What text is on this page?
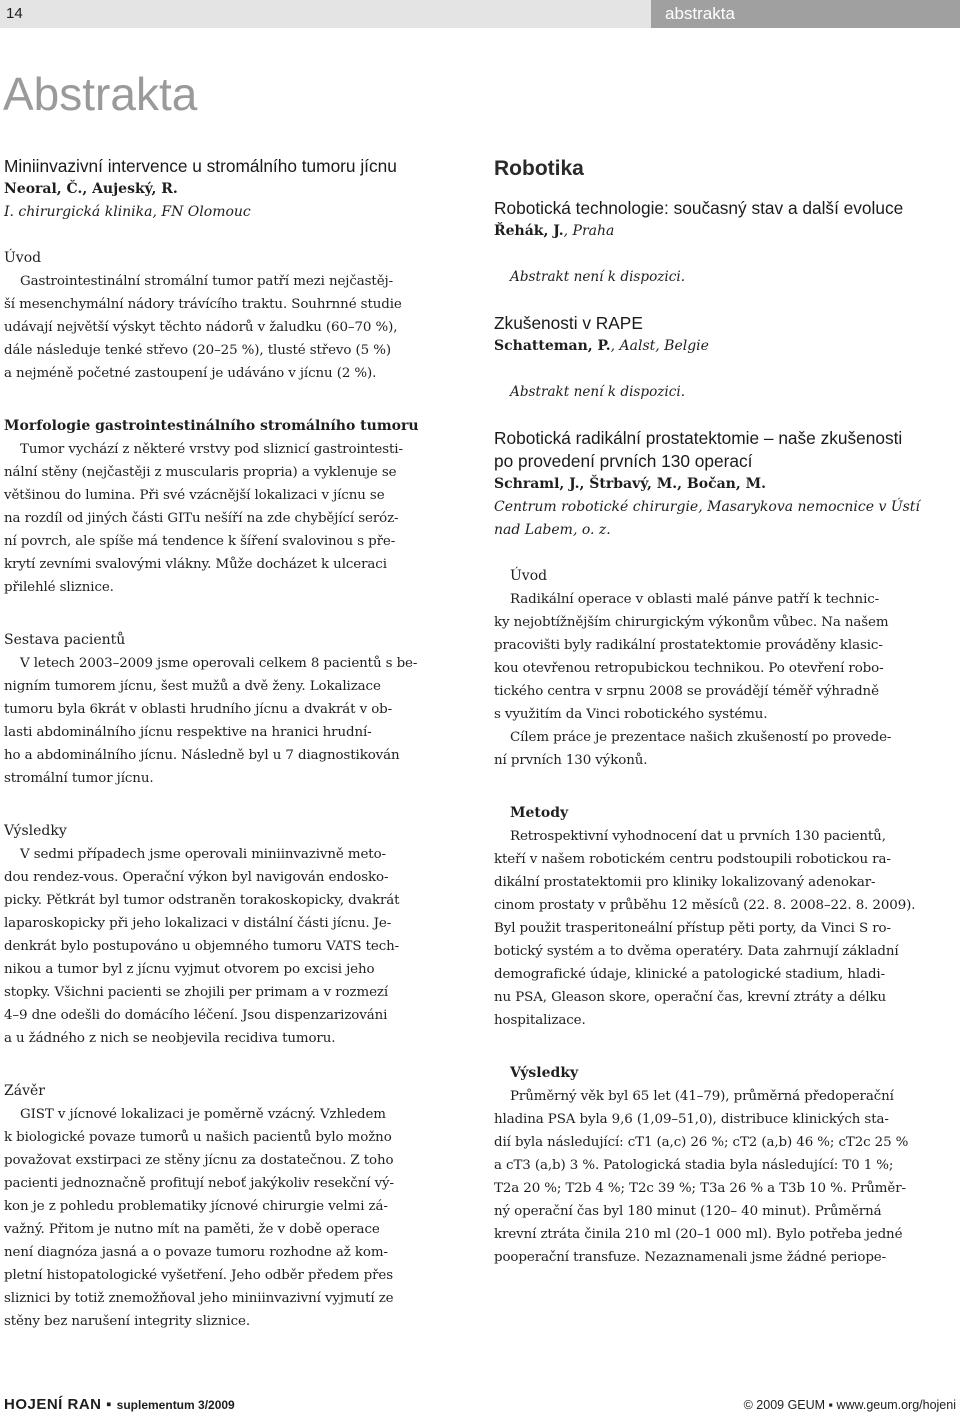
14	abstrakta
Abstrakta

Miniinvazivní intervence u stromálního tumoru jícnu

Neoral, Č., Aujeský, R.

I. chirurgická klinika, FN Olomouc

Úvod

Gastrointestinální stromální tumor patří mezi nejčastěj-

ší mesenchymální nádory trávícího traktu. Souhrnné studie

udávají největší výskyt těchto nádorů v žaludku (60–70 %),

dále následuje tenké střevo (20–25 %), tlusté střevo (5 %)

a nejméně početné zastoupení je udáváno v jícnu (2 %).

Morfologie gastrointestinálního stromálního tumoru

Tumor vychází z některé vrstvy pod sliznicí gastrointesti-

nální stěny (nejčastěji z muscularis propria) a vyklenuje se

většinou do lumina. Při své vzácnější lokalizaci v jícnu se

na rozdíl od jiných části GITu nešíří na zde chybějící seróz-

ní povrch, ale spíše má tendence k šíření svalovinou s pře-

krytí zevními svalovými vlákny. Může docházet k ulceraci

přilehlé sliznice.

Sestava pacientů

V letech 2003–2009 jsme operovali celkem 8 pacientů s be-

nigním tumorem jícnu, šest mužů a dvě ženy. Lokalizace

tumoru byla 6krát v oblasti hrudního jícnu a dvakrát v ob-

lasti abdominálního jícnu respektive na hranici hrudní-

ho a abdominálního jícnu. Následně byl u 7 diagnostikován

stromální tumor jícnu.

Výsledky

V sedmi případech jsme operovali miniinvazivně meto-

dou rendez-vous. Operační výkon byl navigován endosko-

picky. Pětkrát byl tumor odstraněn torakoskopicky, dvakrát

laparoskopicky při jeho lokalizaci v distální části jícnu. Je-

denkrát bylo postupováno u objemného tumoru VATS tech-

nikou a tumor byl z jícnu vyjmut otvorem po excisi jeho

stopky. Všichni pacienti se zhojili per primam a v rozmezí

4–9 dne odešli do domácího léčení. Jsou dispenzarizováni

a u žádného z nich se neobjevila recidiva tumoru.

Závěr

GIST v jícnové lokalizaci je poměrně vzácný. Vzhledem

k biologické povaze tumorů u našich pacientů bylo možno

považovat exstirpaci ze stěny jícnu za dostatečnou. Z toho

pacienti jednoznačně profitují neboť jakýkoliv resekční vý-

kon je z pohledu problematiky jícnové chirurgie velmi zá-

važný. Přitom je nutno mít na paměti, že v době operace

není diagnóza jasná a o povaze tumoru rozhodne až kom-

pletní histopatologické vyšetření. Jeho odběr předem přes

sliznici by totiž znemožňoval jeho miniinvazivní vyjmutí ze

stěny bez narušení integrity sliznice.

Robotika

Robotická technologie: současný stav a další evoluce

Řehák, J., Praha

Abstrakt není k dispozici.

Zkušenosti v RAPE

Schatteman, P., Aalst, Belgie

Abstrakt není k dispozici.

Robotická radikální prostatektomie – naše zkušenosti

po provedení prvních 130 operací

Schraml, J., Štrbavý, M., Bočan, M.

Centrum robotické chirurgie, Masarykova nemocnice v Ústí

nad Labem, o. z.

Úvod

Radikální operace v oblasti malé pánve patří k technic-

ky nejobtížnějším chirurgickým výkonům vůbec. Na našem

pracovišti byly radikální prostatektomie prováděny klasic-

kou otevřenou retropubickou technikou. Po otevření robo-

tického centra v srpnu 2008 se provádějí téměř výhradně

s využitím da Vinci robotického systému.

Cílem práce je prezentace našich zkušeností po provede-

ní prvních 130 výkonů.

Metody

Retrospektivní vyhodnocení dat u prvních 130 pacientů,

kteří v našem robotickém centru podstoupili robotickou ra-

dikální prostatektomii pro kliniky lokalizovaný adenokar-

cinom prostaty v průběhu 12 měsíců (22. 8. 2008–22. 8. 2009).

Byl použit trasperitoneální přístup pěti porty, da Vinci S ro-

botický systém a to dvěma operatéry. Data zahrnují základní

demografické údaje, klinické a patologické stadium, hladi-

nu PSA, Gleason skore, operační čas, krevní ztráty a délku

hospitalizace.

Výsledky

Průměrný věk byl 65 let (41–79), průměrná předoperační

hladina PSA byla 9,6 (1,09–51,0), distribuce klinických sta-

dií byla následující: cT1 (a,c) 26 %; cT2 (a,b) 46 %; cT2c 25 %

a cT3 (a,b) 3 %. Patologická stadia byla následující: T0 1 %;

T2a 20 %; T2b 4 %; T2c 39 %; T3a 26 % a T3b 10 %. Průměr-

ný operační čas byl 180 minut (120– 40 minut). Průměrná

krevní ztráta činila 210 ml (20–1 000 ml). Bylo potřeba jedné

pooperační transfuze. Nezaznamenali jsme žádné periope-

HOJENÍ RAN ▪ suplementum 3/2009	© 2009 GEUM ▪ www.geum.org/hojeni
